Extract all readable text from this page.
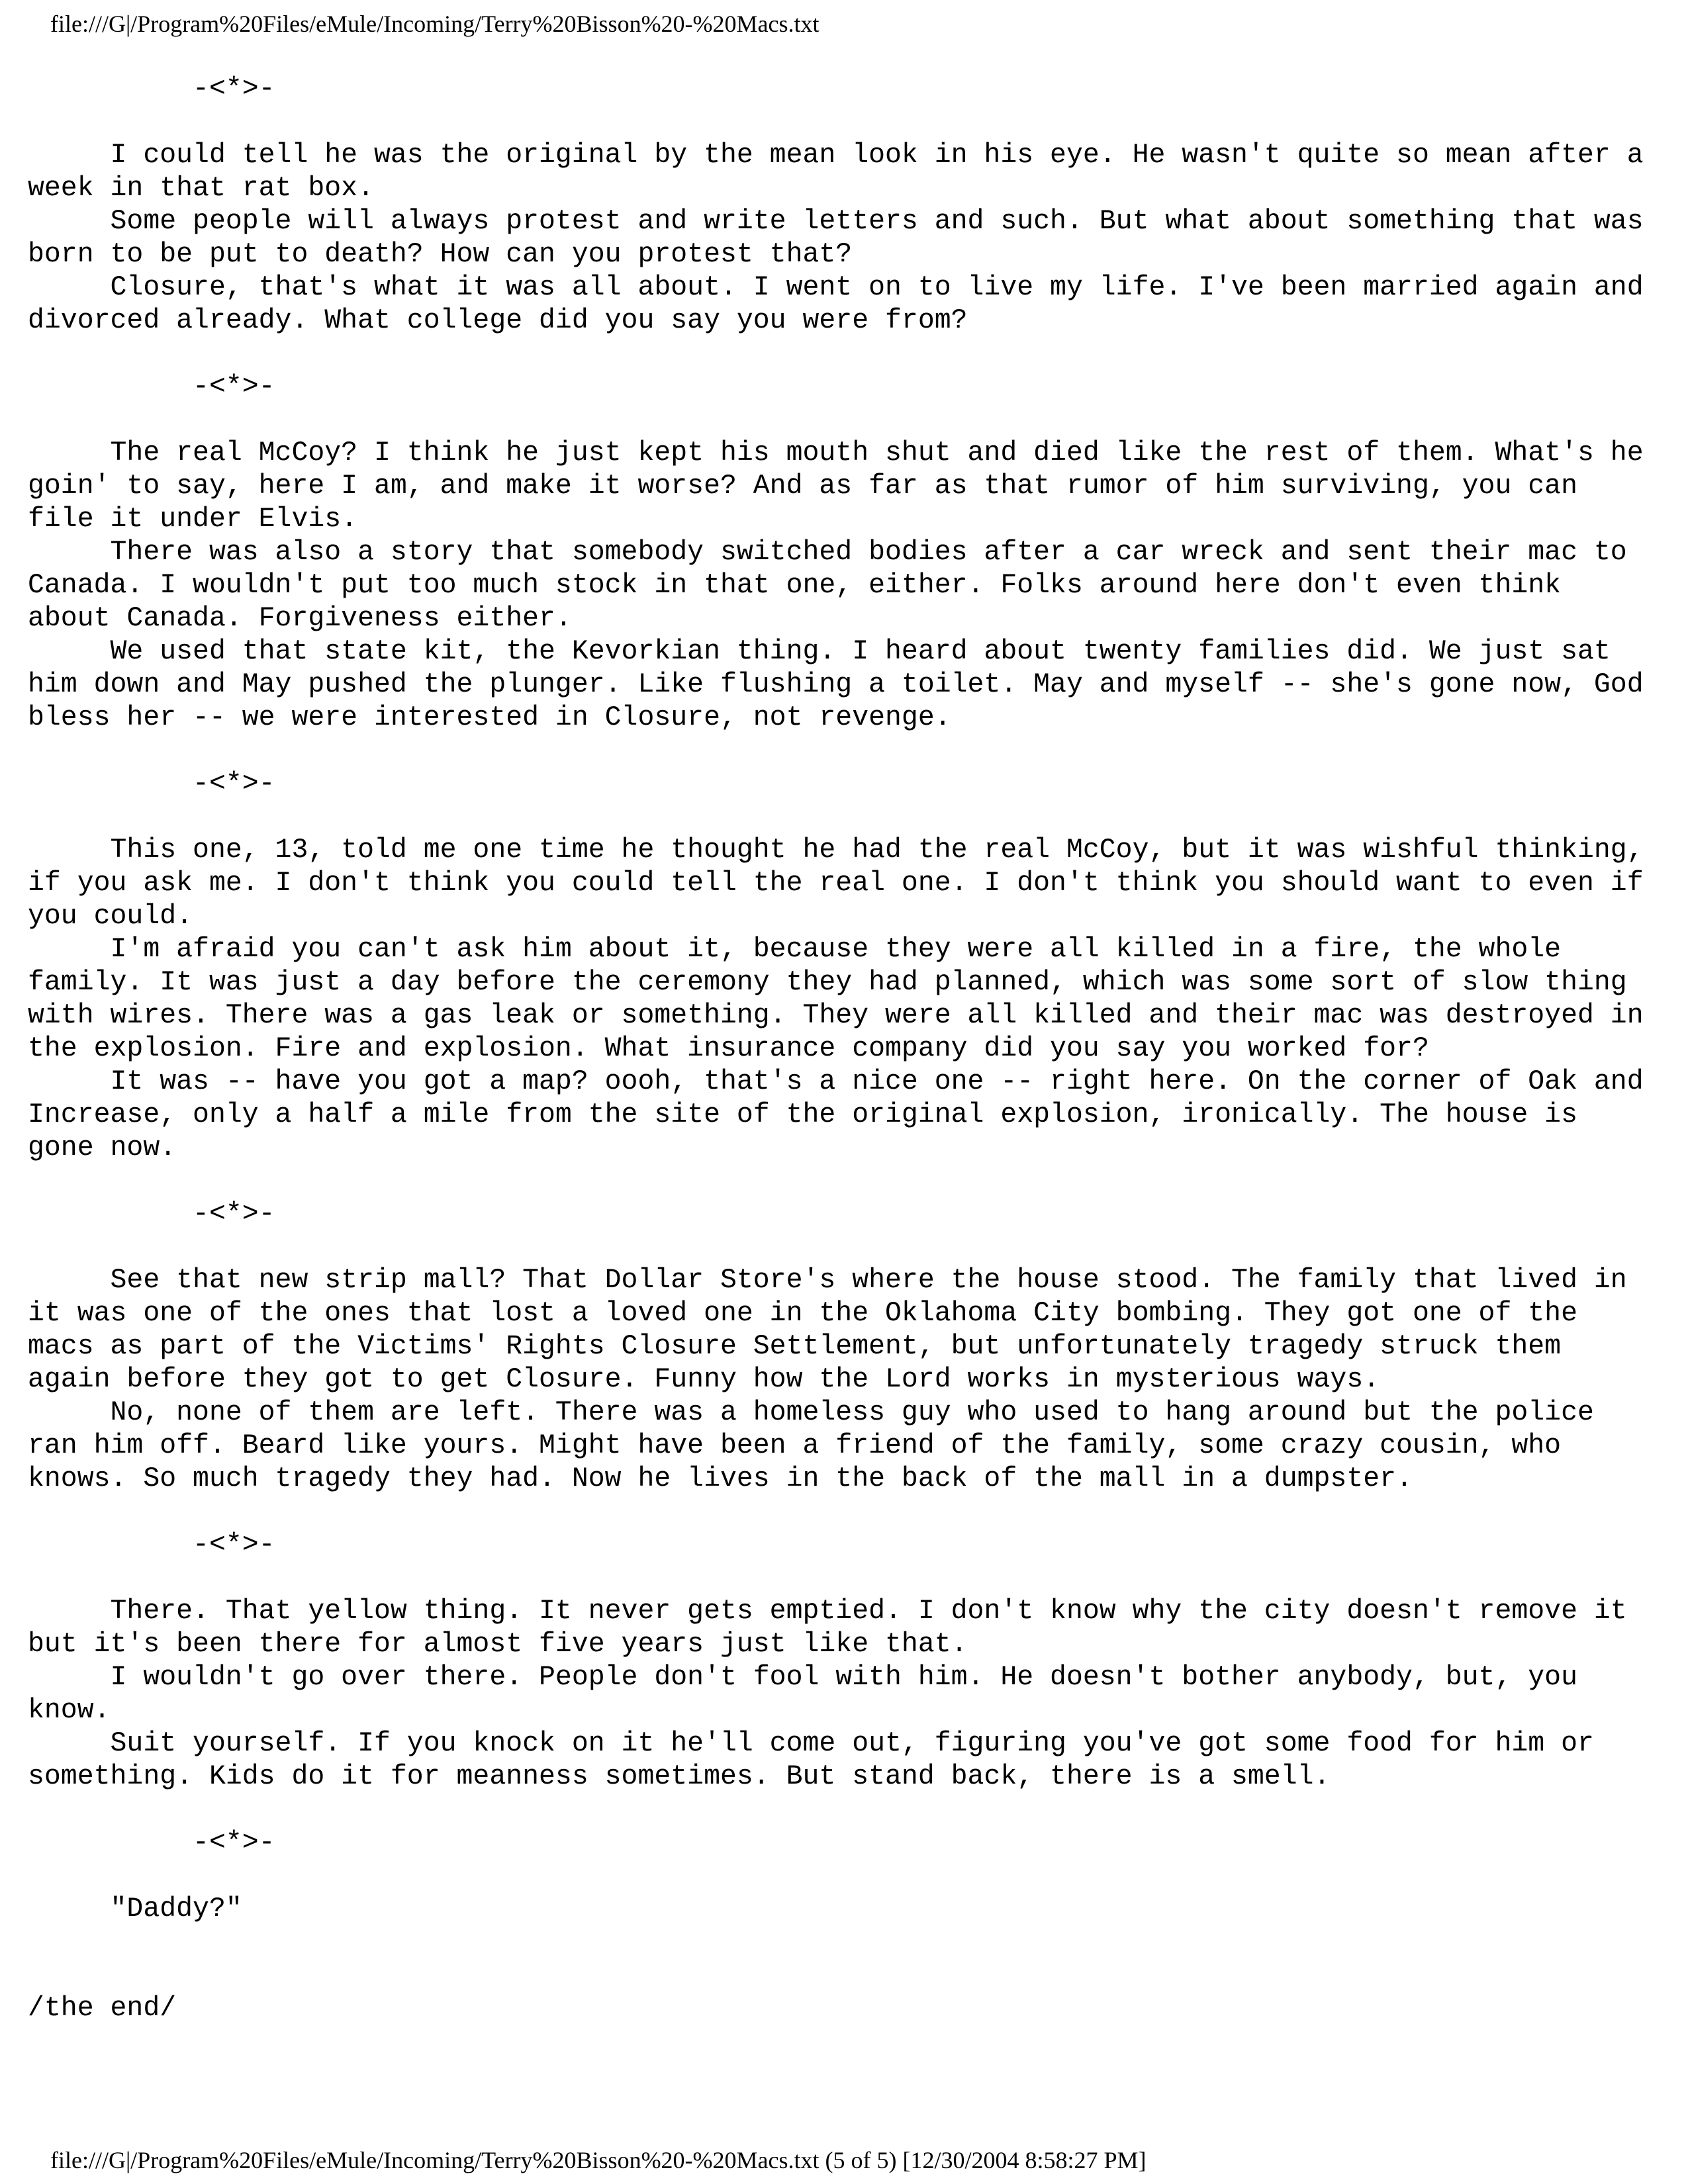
file:///G|/Program%20Files/eMule/Incoming/Terry%20Bisson%20-%20Macs.txt
-<*>-
I could tell he was the original by the mean look in his eye. He wasn't quite so mean after a
week in that rat box.
Some people will always protest and write letters and such. But what about something that was
born to be put to death? How can you protest that?
Closure, that's what it was all about. I went on to live my life. I've been married again and
divorced already. What college did you say you were from?
-<*>-
The real McCoy? I think he just kept his mouth shut and died like the rest of them. What's he
goin' to say, here I am, and make it worse? And as far as that rumor of him surviving, you can
file it under Elvis.
There was also a story that somebody switched bodies after a car wreck and sent their mac to
Canada. I wouldn't put too much stock in that one, either. Folks around here don't even think
about Canada. Forgiveness either.
We used that state kit, the Kevorkian thing. I heard about twenty families did. We just sat
him down and May pushed the plunger. Like flushing a toilet. May and myself -- she's gone now, God
bless her -- we were interested in Closure, not revenge.
-<*>-
This one, 13, told me one time he thought he had the real McCoy, but it was wishful thinking,
if you ask me. I don't think you could tell the real one. I don't think you should want to even if
you could.
I'm afraid you can't ask him about it, because they were all killed in a fire, the whole
family. It was just a day before the ceremony they had planned, which was some sort of slow thing
with wires. There was a gas leak or something. They were all killed and their mac was destroyed in
the explosion. Fire and explosion. What insurance company did you say you worked for?
It was -- have you got a map? oooh, that's a nice one -- right here. On the corner of Oak and
Increase, only a half a mile from the site of the original explosion, ironically. The house is
gone now.
-<*>-
See that new strip mall? That Dollar Store's where the house stood. The family that lived in
it was one of the ones that lost a loved one in the Oklahoma City bombing. They got one of the
macs as part of the Victims' Rights Closure Settlement, but unfortunately tragedy struck them
again before they got to get Closure. Funny how the Lord works in mysterious ways.
No, none of them are left. There was a homeless guy who used to hang around but the police
ran him off. Beard like yours. Might have been a friend of the family, some crazy cousin, who
knows. So much tragedy they had. Now he lives in the back of the mall in a dumpster.
-<*>-
There. That yellow thing. It never gets emptied. I don't know why the city doesn't remove it
but it's been there for almost five years just like that.
I wouldn't go over there. People don't fool with him. He doesn't bother anybody, but, you
know.
Suit yourself. If you knock on it he'll come out, figuring you've got some food for him or
something. Kids do it for meanness sometimes. But stand back, there is a smell.
-<*>-
"Daddy?"
/the end/
file:///G|/Program%20Files/eMule/Incoming/Terry%20Bisson%20-%20Macs.txt (5 of 5) [12/30/2004 8:58:27 PM]
